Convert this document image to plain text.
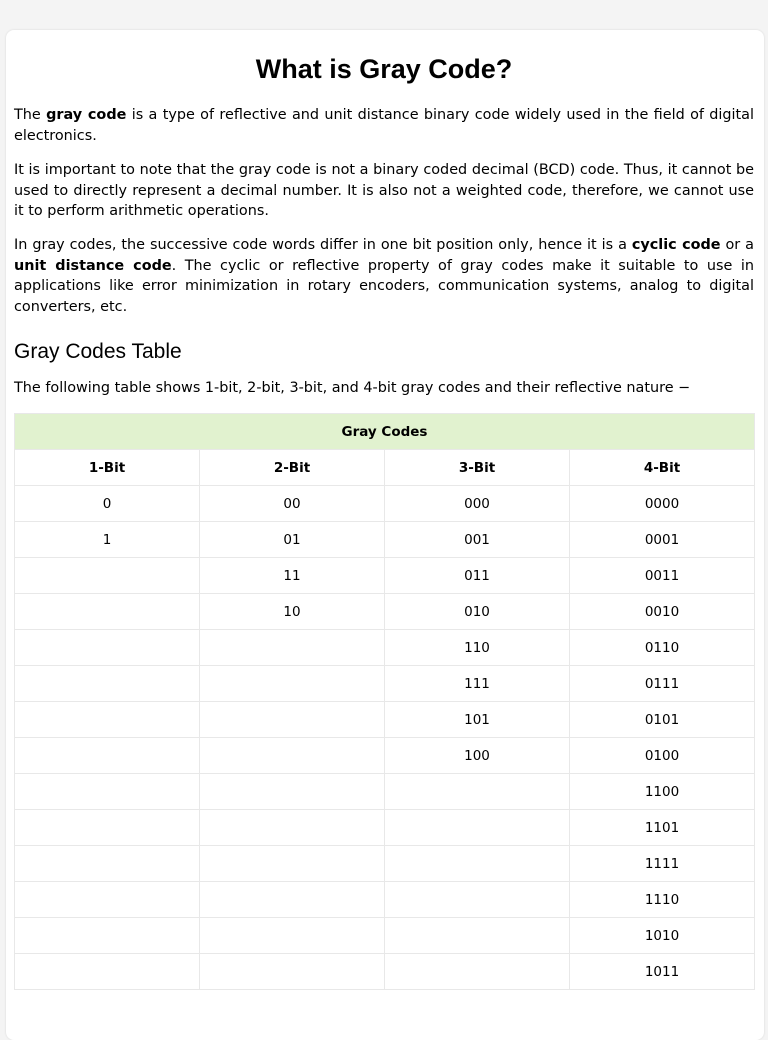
What is Gray Code?

The gray code is a type of reflective and unit distance binary code widely used in the field of digital electronics.

It is important to note that the gray code is not a binary coded decimal (BCD) code. Thus, it cannot be used to directly represent a decimal number. It is also not a weighted code, therefore, we cannot use it to perform arithmetic operations.

In gray codes, the successive code words differ in one bit position only, hence it is a cyclic code or a unit distance code. The cyclic or reflective property of gray codes make it suitable to use in applications like error minimization in rotary encoders, communication systems, analog to digital converters, etc.

Gray Codes Table

The following table shows 1-bit, 2-bit, 3-bit, and 4-bit gray codes and their reflective nature −

Gray Codes			
1-Bit	2-Bit	3-Bit	4-Bit
0	00	000	0000
1	01	001	0001
	11	011	0011
	10	010	0010
		110	0110
		111	0111
		101	0101
		100	0100
			1100
			1101
			1111
			1110
			1010
			1011
